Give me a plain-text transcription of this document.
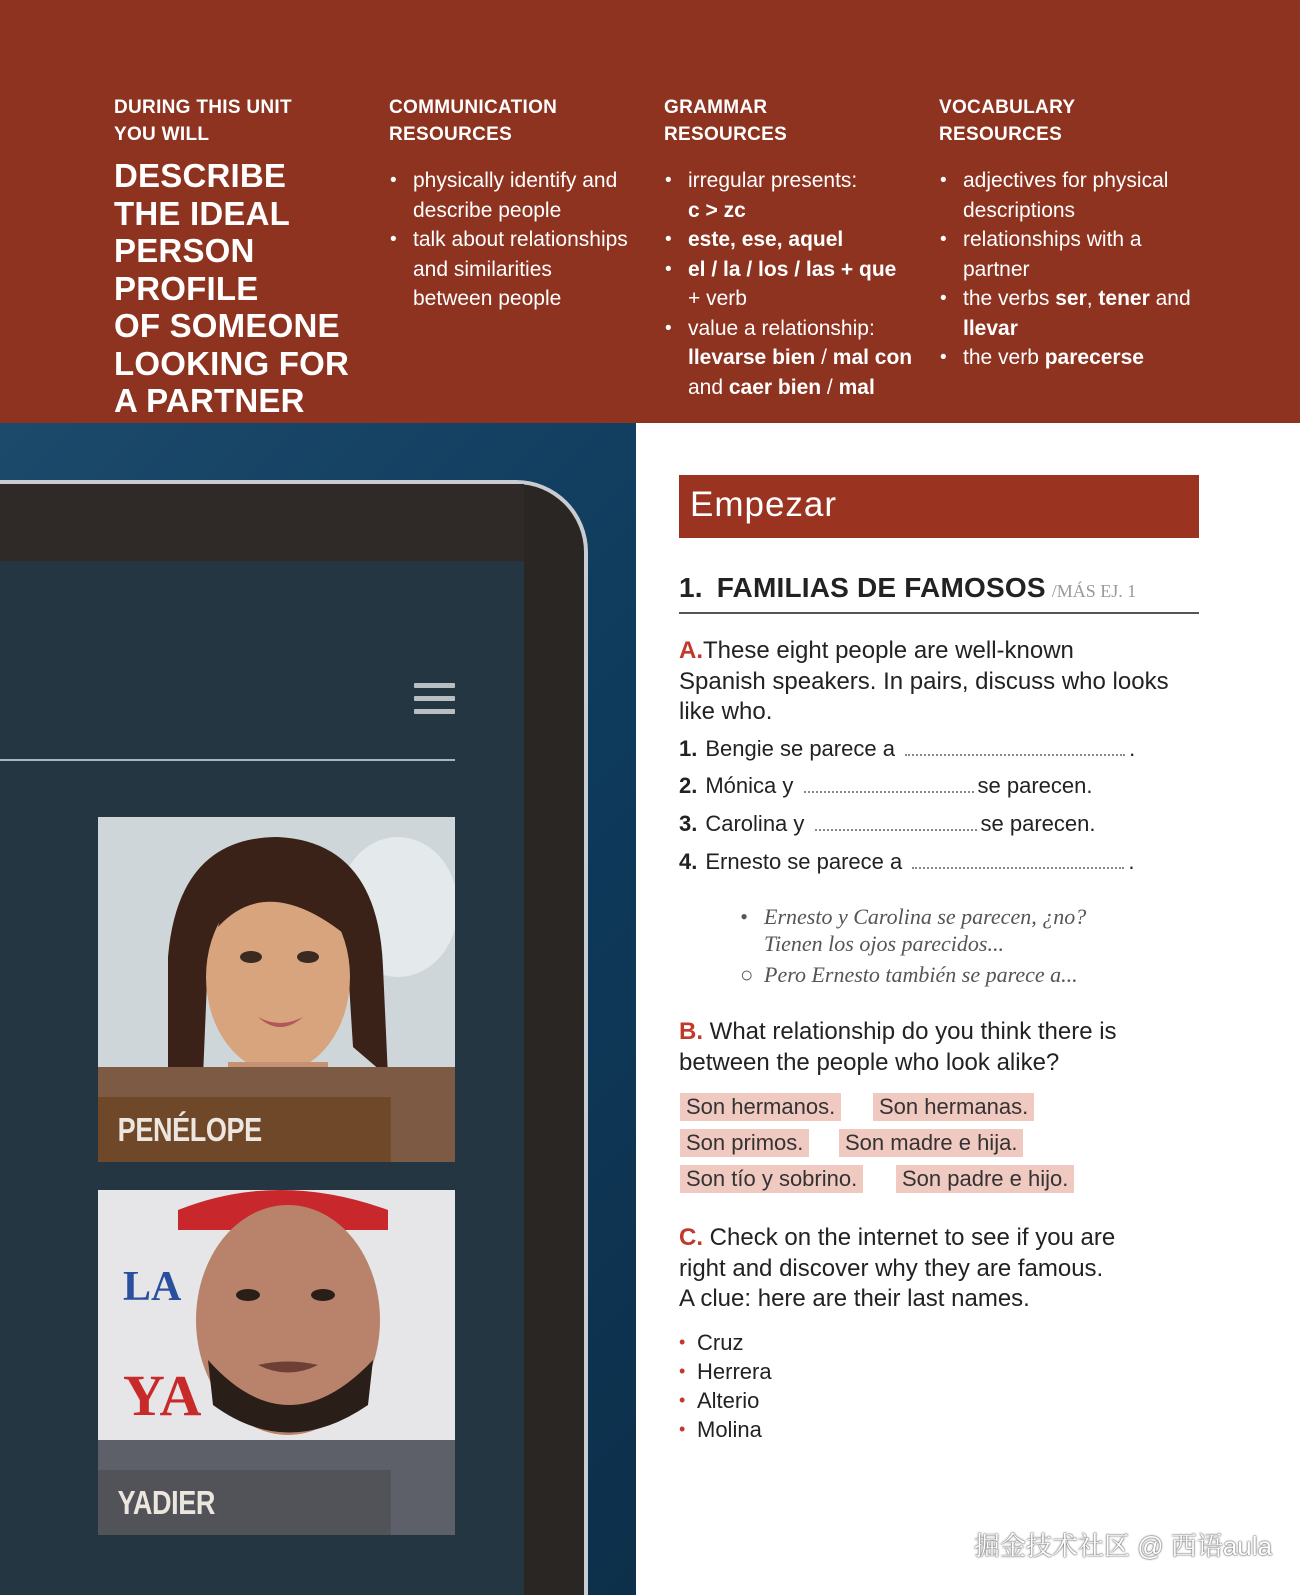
DURING THIS UNIT
YOU WILL
DESCRIBE
THE IDEAL
PERSON PROFILE
OF SOMEONE
LOOKING FOR
A PARTNER
COMMUNICATION
RESOURCES
• physically identify and
describe people
• talk about relationships
and similarities
between people
GRAMMAR
RESOURCES
• irregular presents:
c > zc
• este, ese, aquel
• el / la / los / las + que
+ verb
• value a relationship:
llevarse bien / mal con
and caer bien / mal
VOCABULARY
RESOURCES
• adjectives for physical
descriptions
• relationships with a
partner
• the verbs ser, tener and
llevar
• the verb parecerse
PENÉLOPE
LA
YA
YADIER
Empezar
1. FAMILIAS DE FAMOSOS /MÁS EJ. 1
A.These eight people are well-known
Spanish speakers. In pairs, discuss who looks
like who.
1. Bengie se parece a	.
2. Mónica y	se parecen.
3. Carolina y	se parecen.
4. Ernesto se parece a	.
• Ernesto y Carolina se parecen, ¿no?
Tienen los ojos parecidos...
○ Pero Ernesto también se parece a...
B. What relationship do you think there is
between the people who look alike?
Son hermanos. Son hermanas.
Son primos. Son madre e hija.
Son tío y sobrino. Son padre e hijo.
C. Check on the internet to see if you are
right and discover why they are famous.
A clue: here are their last names.
• Cruz
• Herrera
• Alterio
• Molina
掘金技术社区 @ 西语aula
